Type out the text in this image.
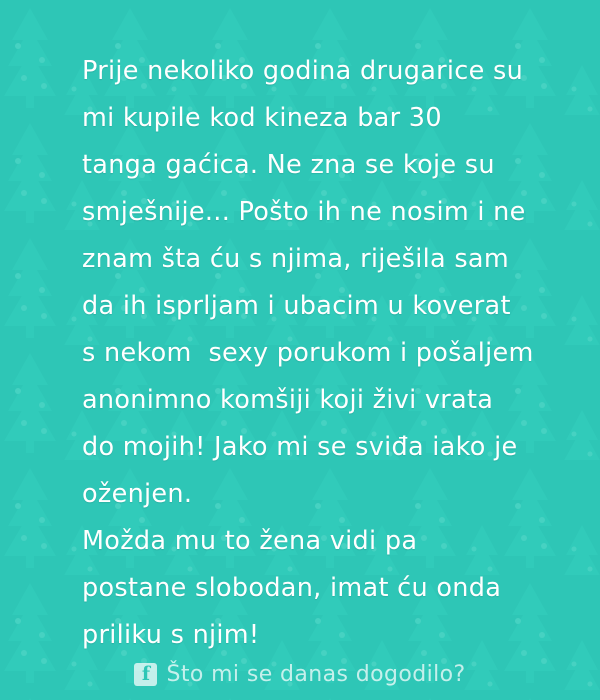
Prije nekoliko godina drugarice su
mi kupile kod kineza bar 30
tanga gaćica. Ne zna se koje su
smješnije... Pošto ih ne nosim i ne
znam šta ću s njima, riješila sam
da ih isprljam i ubacim u koverat
s nekom  sexy porukom i pošaljem
anonimno komšiji koji živi vrata
do mojih! Jako mi se sviđa iako je
oženjen.
Možda mu to žena vidi pa
postane slobodan, imat ću onda
priliku s njim!
f Što mi se danas dogodilo?
